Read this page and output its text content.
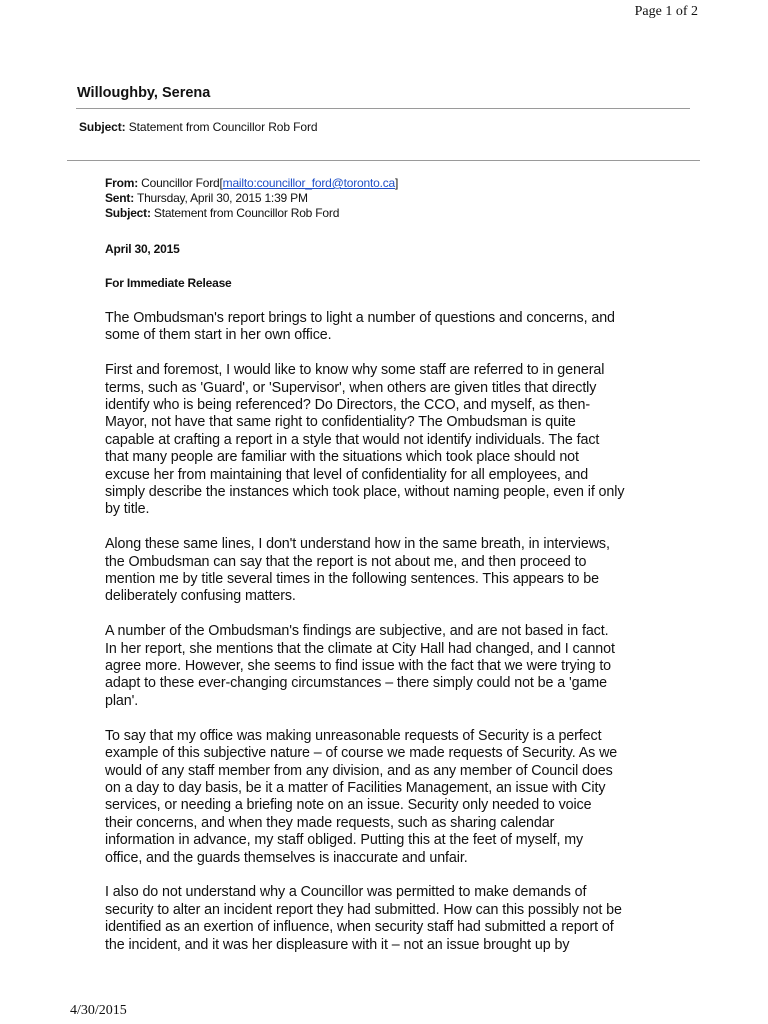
Page 1 of 2
Willoughby, Serena
Subject: Statement from Councillor Rob Ford
From: Councillor Ford[mailto:councillor_ford@toronto.ca]
Sent: Thursday, April 30, 2015 1:39 PM
Subject: Statement from Councillor Rob Ford
April 30, 2015
For Immediate Release

The Ombudsman's report brings to light a number of questions and concerns, and
some of them start in her own office.

First and foremost, I would like to know why some staff are referred to in general
terms, such as 'Guard', or 'Supervisor', when others are given titles that directly
identify who is being referenced? Do Directors, the CCO, and myself, as then-
Mayor, not have that same right to confidentiality? The Ombudsman is quite
capable at crafting a report in a style that would not identify individuals. The fact
that many people are familiar with the situations which took place should not
excuse her from maintaining that level of confidentiality for all employees, and
simply describe the instances which took place, without naming people, even if only
by title.

Along these same lines, I don't understand how in the same breath, in interviews,
the Ombudsman can say that the report is not about me, and then proceed to
mention me by title several times in the following sentences. This appears to be
deliberately confusing matters.

A number of the Ombudsman's findings are subjective, and are not based in fact.
In her report, she mentions that the climate at City Hall had changed, and I cannot
agree more. However, she seems to find issue with the fact that we were trying to
adapt to these ever-changing circumstances – there simply could not be a 'game
plan'.

To say that my office was making unreasonable requests of Security is a perfect
example of this subjective nature – of course we made requests of Security. As we
would of any staff member from any division, and as any member of Council does
on a day to day basis, be it a matter of Facilities Management, an issue with City
services, or needing a briefing note on an issue. Security only needed to voice
their concerns, and when they made requests, such as sharing calendar
information in advance, my staff obliged. Putting this at the feet of myself, my
office, and the guards themselves is inaccurate and unfair.

I also do not understand why a Councillor was permitted to make demands of
security to alter an incident report they had submitted. How can this possibly not be
identified as an exertion of influence, when security staff had submitted a report of
the incident, and it was her displeasure with it – not an issue brought up by

4/30/2015
